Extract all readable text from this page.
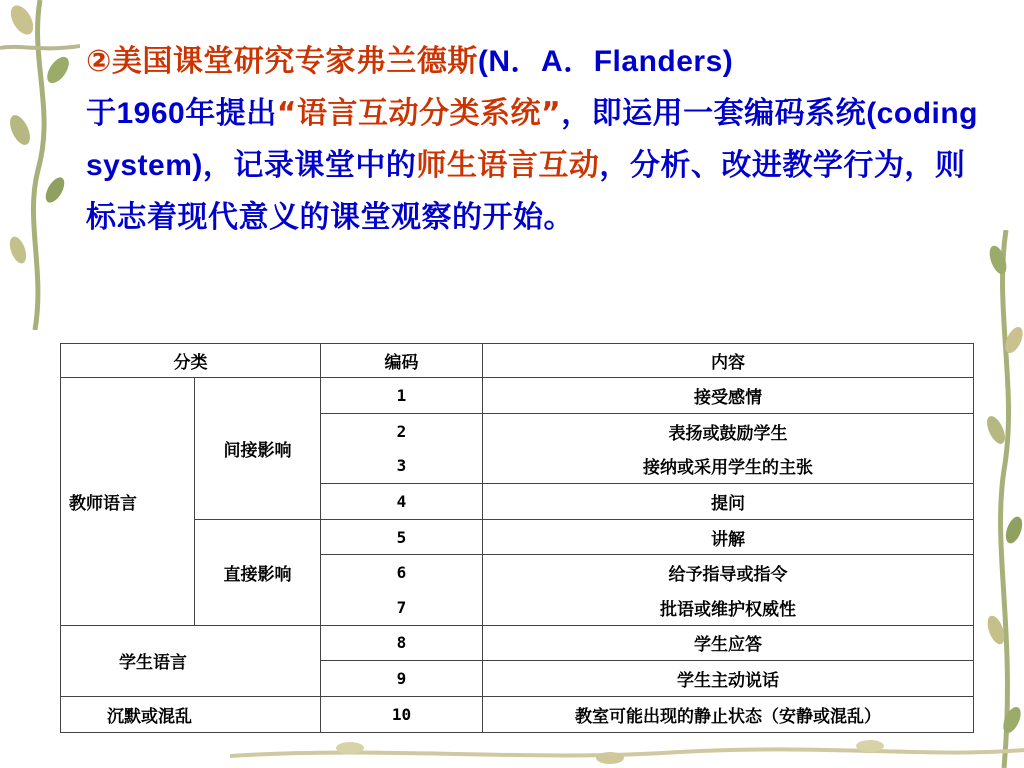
②美国课堂研究专家弗兰德斯(N．A．Flanders)
于1960年提出“语言互动分类系统”，即运用一套编码系统(coding system)，记录课堂中的师生语言互动，分析、改进教学行为，则标志着现代意义的课堂观察的开始。

分类		编码	内容
教师语言	间接影响	1	接受感情
		2	表扬或鼓励学生
		3	接纳或采用学生的主张
		4	提问
	直接影响	5	讲解
		6	给予指导或指令
		7	批语或维护权威性
学生语言		8	学生应答
		9	学生主动说话
沉默或混乱		10	教室可能出现的静止状态（安静或混乱）
